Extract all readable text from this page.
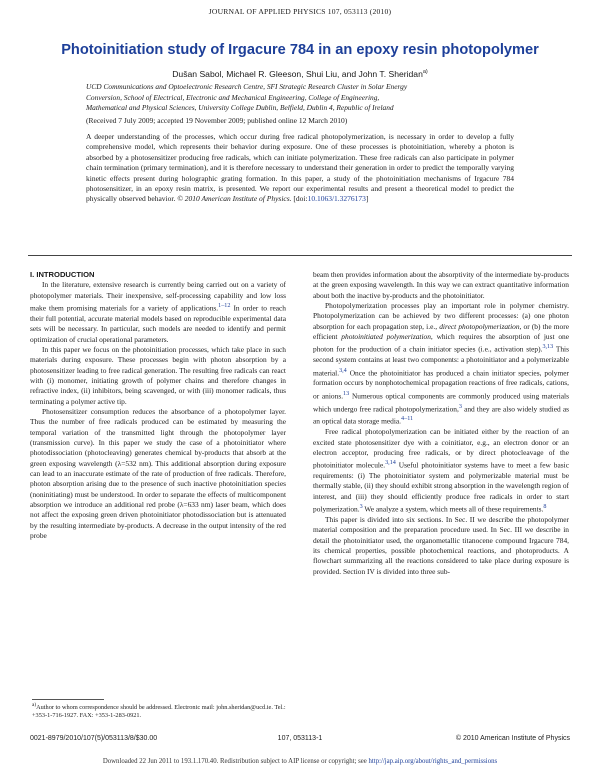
JOURNAL OF APPLIED PHYSICS 107, 053113 (2010)
Photoinitiation study of Irgacure 784 in an epoxy resin photopolymer
Dušan Sabol, Michael R. Gleeson, Shui Liu, and John T. Sheridan$^{a)}$
UCD Communications and Optoelectronic Research Centre, SFI Strategic Research Cluster in Solar Energy
Conversion, School of Electrical, Electronic and Mechanical Engineering, College of Engineering,
Mathematical and Physical Sciences, University College Dublin, Belfield, Dublin 4, Republic of Ireland
(Received 7 July 2009; accepted 19 November 2009; published online 12 March 2010)
A deeper understanding of the processes, which occur during free radical photopolymerization, is necessary in order to develop a fully comprehensive model, which represents their behavior during exposure. One of these processes is photoinitiation, whereby a photon is absorbed by a photosensitizer producing free radicals, which can initiate polymerization. These free radicals can also participate in polymer chain termination (primary termination), and it is therefore necessary to understand their generation in order to predict the temporally varying kinetic effects present during holographic grating formation. In this paper, a study of the photoinitiation mechanisms of Irgacure 784 photosensitizer, in an epoxy resin matrix, is presented. We report our experimental results and present a theoretical model to predict the physically observed behavior. © 2010 American Institute of Physics. [doi:10.1063/1.3276173]

I. INTRODUCTION

In the literature, extensive research is currently being carried out on a variety of photopolymer materials. Their inexpensive, self-processing capability and low loss make them promising materials for a variety of applications.$^{1-12}$ In order to reach their full potential, accurate material models based on reproducible experimental data sets will be necessary. In particular, such models are needed to identify and permit optimization of crucial operational parameters.

In this paper we focus on the photoinitiation processes, which take place in such materials during exposure. These processes begin with photon absorption by a photosensitizer leading to free radical generation. The resulting free radicals can react with (i) monomer, initiating growth of polymer chains and therefore changes in refractive index, (ii) inhibitors, being scavenged, or with (iii) monomer radicals, thus terminating a polymer active tip.

Photosensitizer consumption reduces the absorbance of a photopolymer layer. Thus the number of free radicals produced can be estimated by measuring the temporal variation of the transmitted light through the photopolymer layer (transmission curve). In this paper we study the case of a photoinitiator where photodissociation (photocleaving) generates chemical by-products that absorb at the green exposing wavelength (λ=532 nm). This additional absorption during exposure can lead to an inaccurate estimate of the rate of production of free radicals. Therefore, photon absorption arising due to the presence of such inactive photoinitiation species (noninitiating) must be understood. In order to separate the effects of multicomponent absorption we introduce an additional red probe (λ=633 nm) laser beam, which does not affect the exposing green driven photoinitiator photodissociation but is attenuated by the resulting intermediate by-products. A decrease in the output intensity of the red probe

beam then provides information about the absorptivity of the intermediate by-products at the green exposing wavelength. In this way we can extract quantitative information about both the inactive by-products and the photoinitiator.

Photopolymerization processes play an important role in polymer chemistry. Photopolymerization can be achieved by two different processes: (a) one photon absorption for each propagation step, i.e., direct photopolymerization, or (b) the more efficient photoinitiated polymerization, which requires the absorption of just one photon for the production of a chain initiator species (i.e., activation step).$^{3,13}$ This second system contains at least two components: a photoinitiator and a polymerizable material.$^{3,4}$ Once the photoinitiator has produced a chain initiator species, polymer formation occurs by nonphotochemical propagation reactions of free radicals, cations, or anions.$^{13}$ Numerous optical components are commonly produced using materials which undergo free radical photopolymerization,$^3$ and they are also widely studied as an optical data storage media.$^{4-11}$

Free radical photopolymerization can be initiated either by the reaction of an excited state photosensitizer dye with a coinitiator, e.g., an electron donor or an electron acceptor, producing free radicals, or by direct photocleavage of the photoinitiator molecule.$^{3,14}$ Useful photoinitiator systems have to meet a few basic requirements: (i) The photoinitiator system and polymerizable material must be thermally stable, (ii) they should exhibit strong absorption in the wavelength region of interest, and (iii) they should efficiently produce free radicals in order to start polymerization.$^3$ We analyze a system, which meets all of these requirements.$^8$

This paper is divided into six sections. In Sec. II we describe the photopolymer material composition and the preparation procedure used. In Sec. III we describe in detail the photoinitiator used, the organometallic titanocene compound Irgacure 784, its chemical properties, possible photochemical reactions, and photoproducts. A flowchart summarizing all the reactions considered to take place during exposure is provided. Section IV is divided into three sub-

$^{a)}$Author to whom correspondence should be addressed. Electronic mail: john.sheridan@ucd.ie. Tel.: +353-1-716-1927. FAX: +353-1-283-0921.
0021-8979/2010/107(5)/053113/8/$30.00	107, 053113-1	© 2010 American Institute of Physics
Downloaded 22 Jun 2011 to 193.1.170.40. Redistribution subject to AIP license or copyright; see http://jap.aip.org/about/rights_and_permissions
